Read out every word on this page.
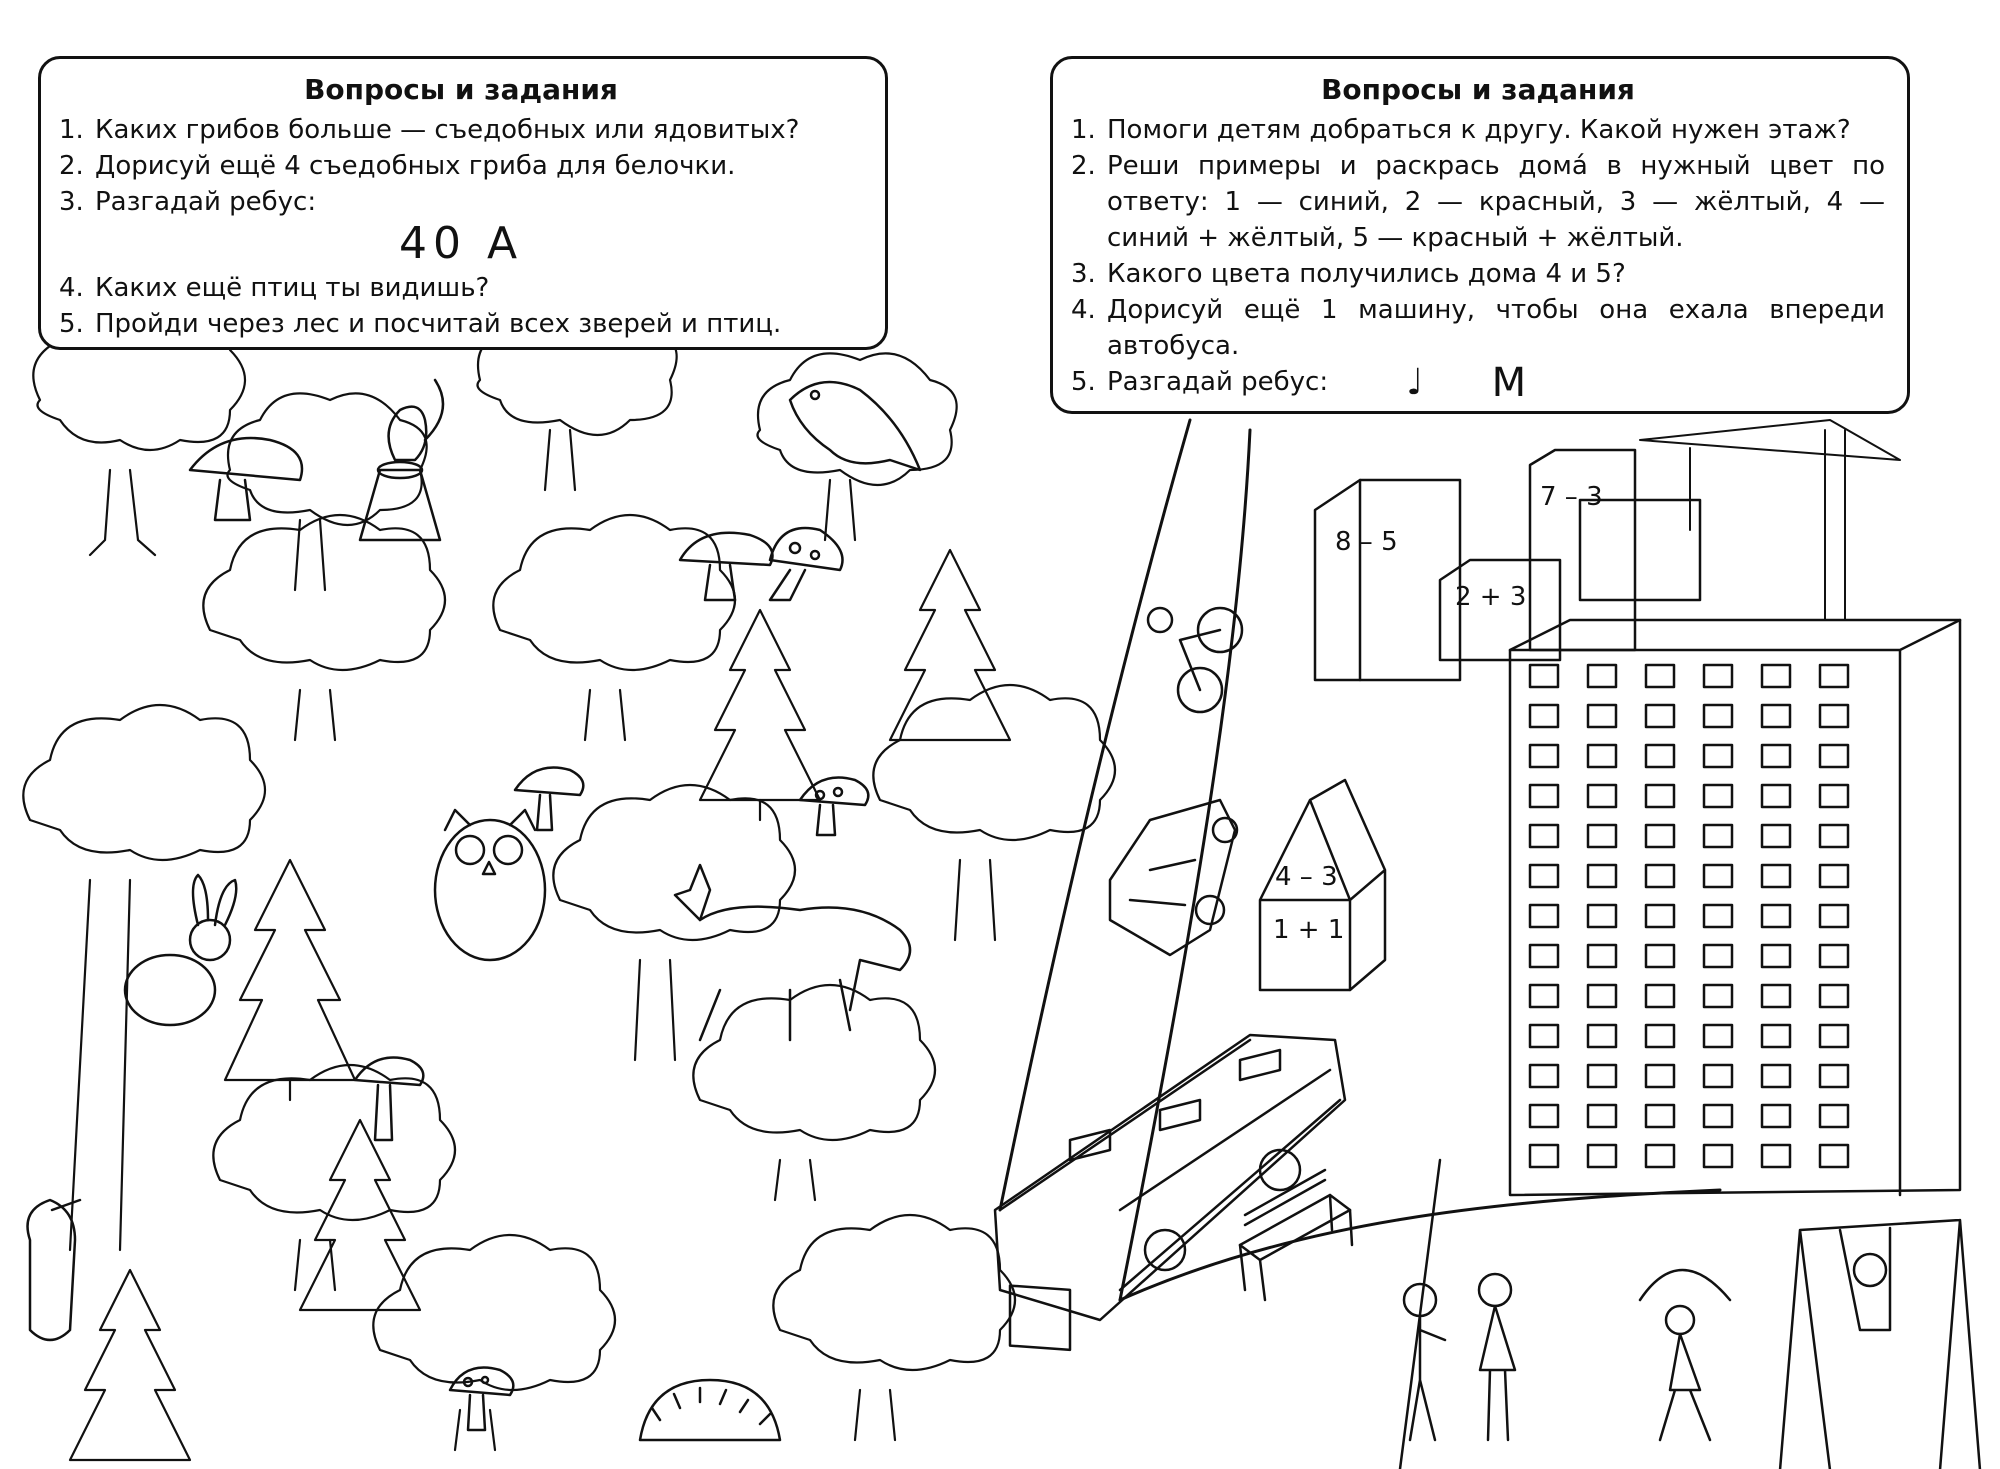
8 – 5
7 – 3
2 + 3
4 – 3
1 + 1
Вопросы и задания
1. Каких грибов больше — съедобных или ядовитых?
2. Дорисуй ещё 4 съедобных гриба для белочки.
3. Разгадай ребус:
40 А
4. Каких ещё птиц ты видишь?
5. Пройди через лес и посчитай всех зверей и птиц.
Вопросы и задания
1. Помоги детям добраться к другу. Какой нужен этаж?
2. Реши примеры и раскрась домá в нужный цвет по ответу: 1 — синий, 2 — красный, 3 — жёлтый, 4 — синий + жёлтый, 5 — красный + жёлтый.
3. Какого цвета получились дома 4 и 5?
4. Дорисуй ещё 1 машину, чтобы она ехала впереди автобуса.
5. Разгадай ребус: ♩ М
